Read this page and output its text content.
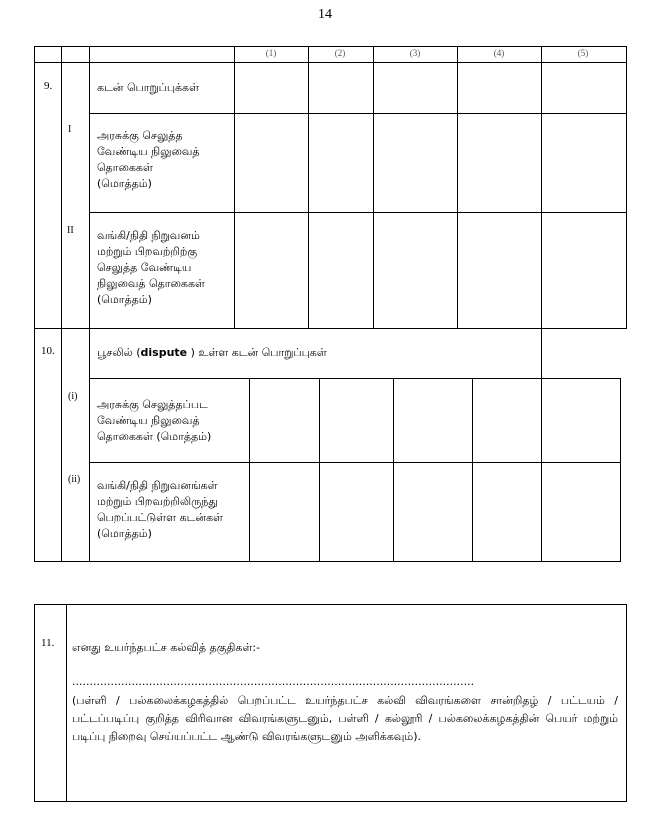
14
(1)	(2)	(3)	(4)	(5)
9.	கடன் பொறுப்புக்கள்
I அரசுக்கு செலுத்த
வேண்டிய நிலுவைத்
தொகைகள்
(மொத்தம்)
II வங்கி/நிதி நிறுவனம்
மற்றும் பிறவற்றிற்கு
செலுத்த வேண்டிய
நிலுவைத் தொகைகள்
(மொத்தம்)
10.	பூசலில் (dispute ) உள்ள கடன் பொறுப்புகள்
(i)
அரசுக்கு செலுத்தப்பட
வேண்டிய நிலுவைத்
தொகைகள் (மொத்தம்)
(ii) வங்கி/நிதி நிறுவனங்கள்
மற்றும் பிறவற்றிலிருந்து
பெறப்பட்டுள்ள கடன்கள்
(மொத்தம்)
11. எனது உயர்ந்தபட்ச கல்வித் தகுதிகள்:-
...................................................................................................................
(பள்ளி / பல்கலைக்கழகத்தில் பெறப்பட்ட உயர்ந்தபட்ச கல்வி விவரங்களை சான்றிதழ் / பட்டயம் / பட்டப்படிப்பு குறித்த விரிவான விவரங்களுடனும், பள்ளி / கல்லூரி / பல்கலைக்கழகத்தின் பெயர் மற்றும் படிப்பு நிறைவு செய்யப்பட்ட ஆண்டு விவரங்களுடனும் அளிக்கவும்).
